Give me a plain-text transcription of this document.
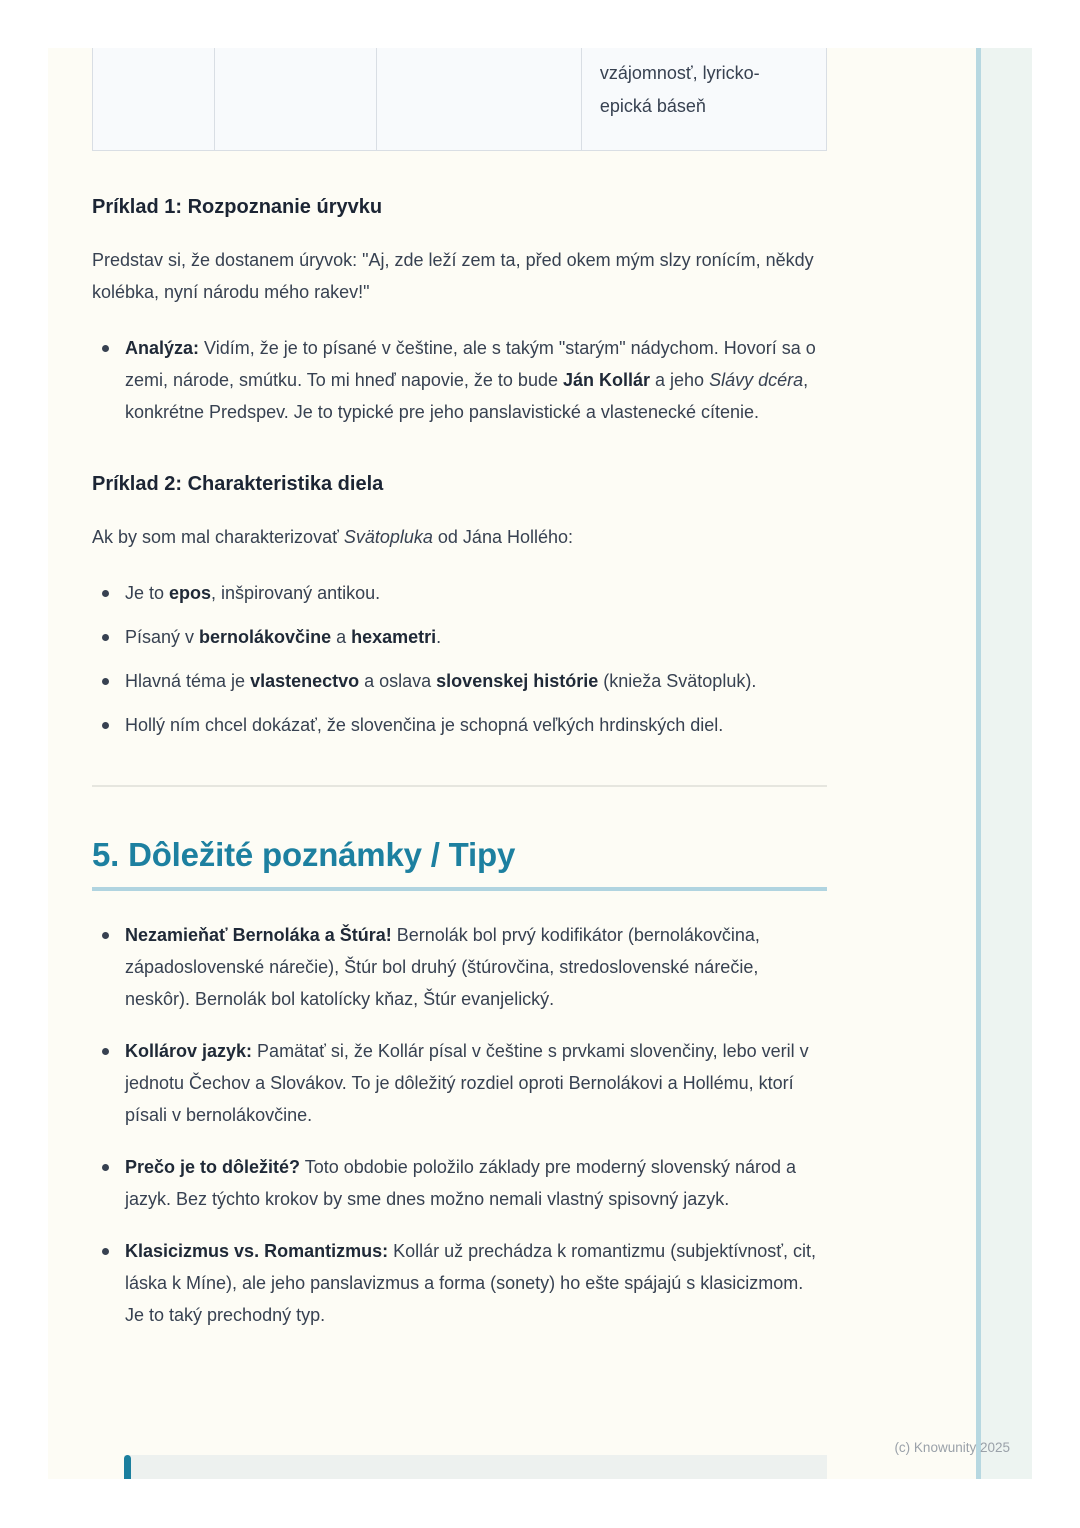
			vzájomnosť, lyricko-epická báseň
Príklad 1: Rozpoznanie úryvku

Predstav si, že dostanem úryvok: "Aj, zde leží zem ta, před okem mým slzy ronícím, někdy kolébka, nyní národu mého rakev!"

Analýza: Vidím, že je to písané v češtine, ale s takým "starým" nádychom. Hovorí sa o zemi, národe, smútku. To mi hneď napovie, že to bude Ján Kollár a jeho Slávy dcéra, konkrétne Predspev. Je to typické pre jeho panslavistické a vlastenecké cítenie.
Príklad 2: Charakteristika diela

Ak by som mal charakterizovať Svätopluka od Jána Hollého:

Je to epos, inšpirovaný antikou.
Písaný v bernolákovčine a hexametri.
Hlavná téma je vlastenectvo a oslava slovenskej histórie (knieža Svätopluk).
Hollý ním chcel dokázať, že slovenčina je schopná veľkých hrdinských diel.
5. Dôležité poznámky / Tipy
Nezamieňať Bernoláka a Štúra! Bernolák bol prvý kodifikátor (bernolákovčina, západoslovenské nárečie), Štúr bol druhý (štúrovčina, stredoslovenské nárečie, neskôr). Bernolák bol katolícky kňaz, Štúr evanjelický.
Kollárov jazyk: Pamätať si, že Kollár písal v češtine s prvkami slovenčiny, lebo veril v jednotu Čechov a Slovákov. To je dôležitý rozdiel oproti Bernolákovi a Hollému, ktorí písali v bernolákovčine.
Prečo je to dôležité? Toto obdobie položilo základy pre moderný slovenský národ a jazyk. Bez týchto krokov by sme dnes možno nemali vlastný spisovný jazyk.
Klasicizmus vs. Romantizmus: Kollár už prechádza k romantizmu (subjektívnosť, cit, láska k Míne), ale jeho panslavizmus a forma (sonety) ho ešte spájajú s klasicizmom. Je to taký prechodný typ.
(c) Knowunity 2025
